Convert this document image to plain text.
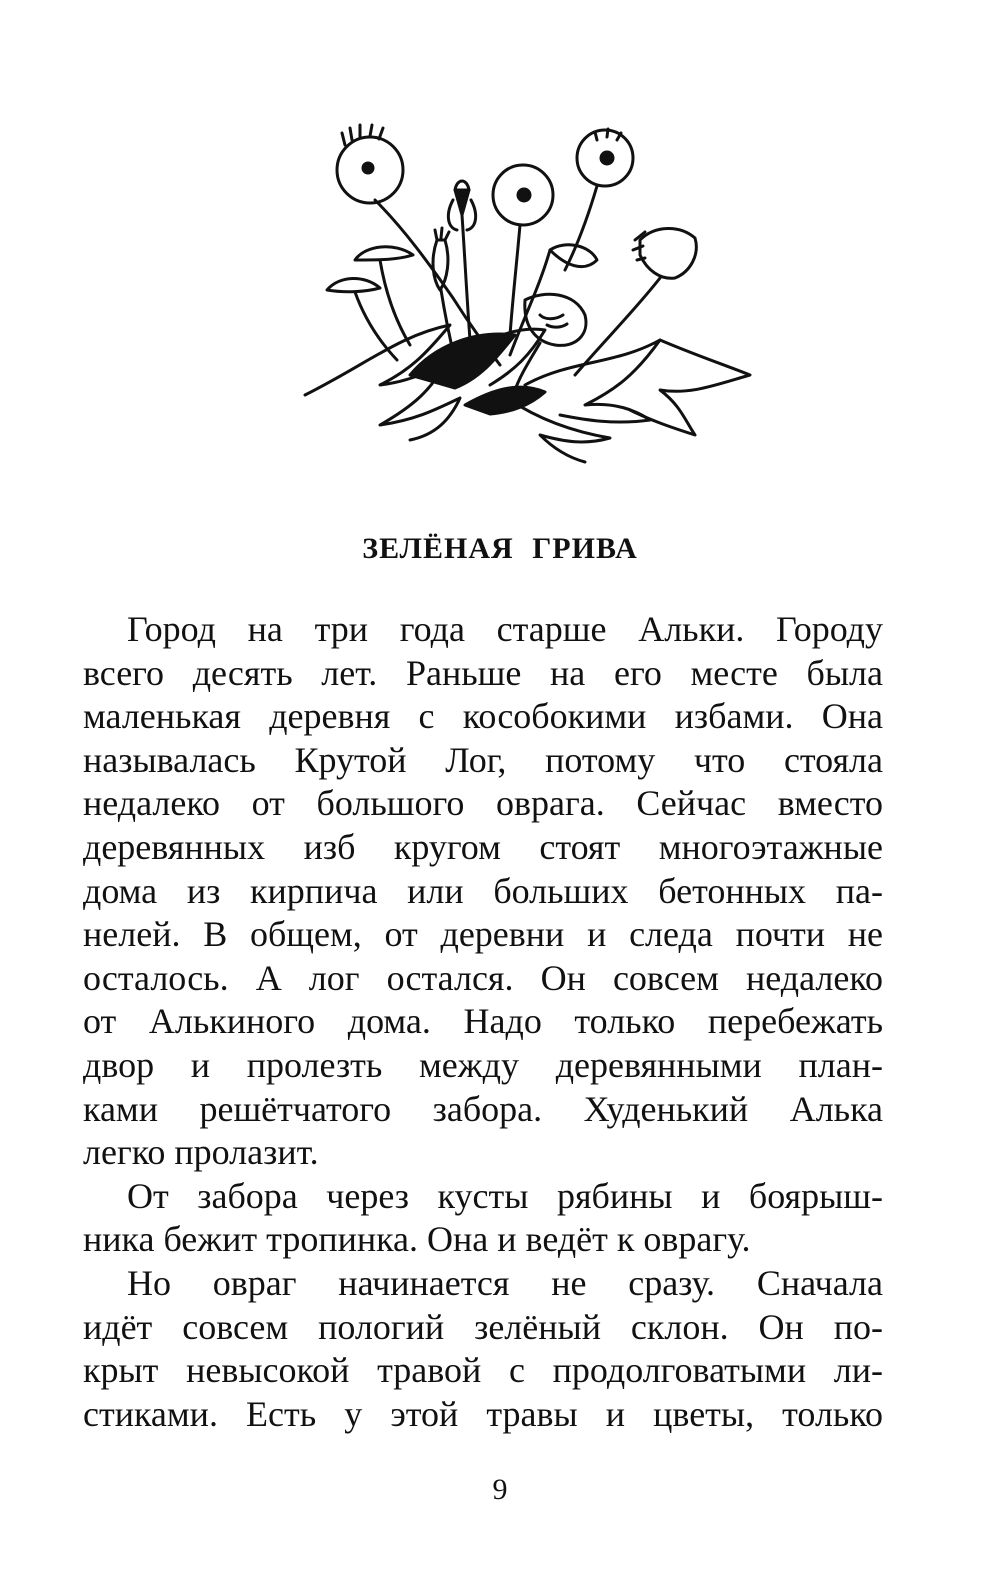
ЗЕЛЁНАЯ ГРИВА
Город на три года старше Альки. Городу
всего десять лет. Раньше на его месте была
маленькая деревня с кособокими избами. Она
называлась Крутой Лог, потому что стояла
недалеко от большого оврага. Сейчас вместо
деревянных изб кругом стоят многоэтажные
дома из кирпича или больших бетонных па-
нелей. В общем, от деревни и следа почти не
осталось. А лог остался. Он совсем недалеко
от Алькиного дома. Надо только перебежать
двор и пролезть между деревянными план-
ками решётчатого забора. Худенький Алька
легко пролазит.
От забора через кусты рябины и боярыш-
ника бежит тропинка. Она и ведёт к оврагу.
Но овраг начинается не сразу. Сначала
идёт совсем пологий зелёный склон. Он по-
крыт невысокой травой с продолговатыми ли-
стиками. Есть у этой травы и цветы, только
9
